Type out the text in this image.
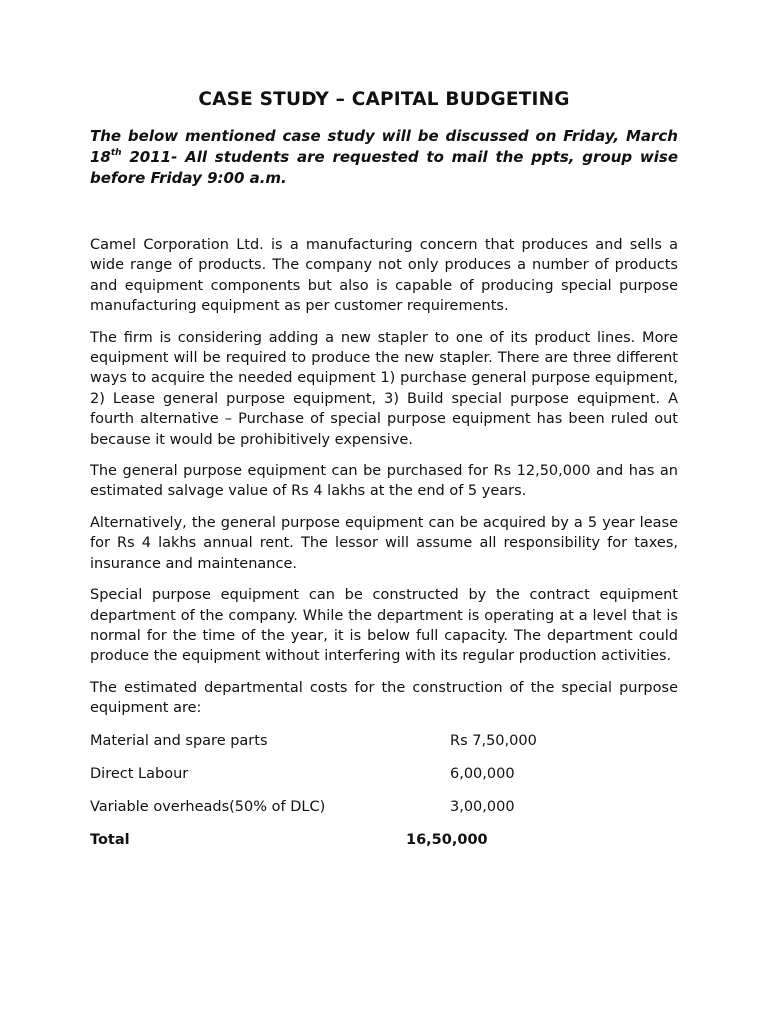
CASE STUDY – CAPITAL BUDGETING

The below mentioned case study will be discussed on Friday, March 18th 2011- All students are requested to mail the ppts, group wise before Friday 9:00 a.m.

Camel Corporation Ltd. is a manufacturing concern that produces and sells a wide range of products. The company not only produces a number of products and equipment components but also is capable of producing special purpose manufacturing equipment as per customer requirements.

The firm is considering adding a new stapler to one of its product lines. More equipment will be required to produce the new stapler. There are three different ways to acquire the needed equipment 1) purchase general purpose equipment, 2) Lease general purpose equipment, 3) Build special purpose equipment. A fourth alternative – Purchase of special purpose equipment has been ruled out because it would be prohibitively expensive.

The general purpose equipment can be purchased for Rs 12,50,000 and has an estimated salvage value of Rs 4 lakhs at the end of 5 years.

Alternatively, the general purpose equipment can be acquired by a 5 year lease for Rs 4 lakhs annual rent. The lessor will assume all responsibility for taxes, insurance and maintenance.

Special purpose equipment can be constructed by the contract equipment department of the company. While the department is operating at a level that is normal for the time of the year, it is below full capacity. The department could produce the equipment without interfering with its regular production activities.

The estimated departmental costs for the construction of the special purpose equipment are:

Material and spare parts	Rs 7,50,000
Direct Labour	6,00,000
Variable overheads(50% of DLC)	3,00,000
Total	16,50,000
